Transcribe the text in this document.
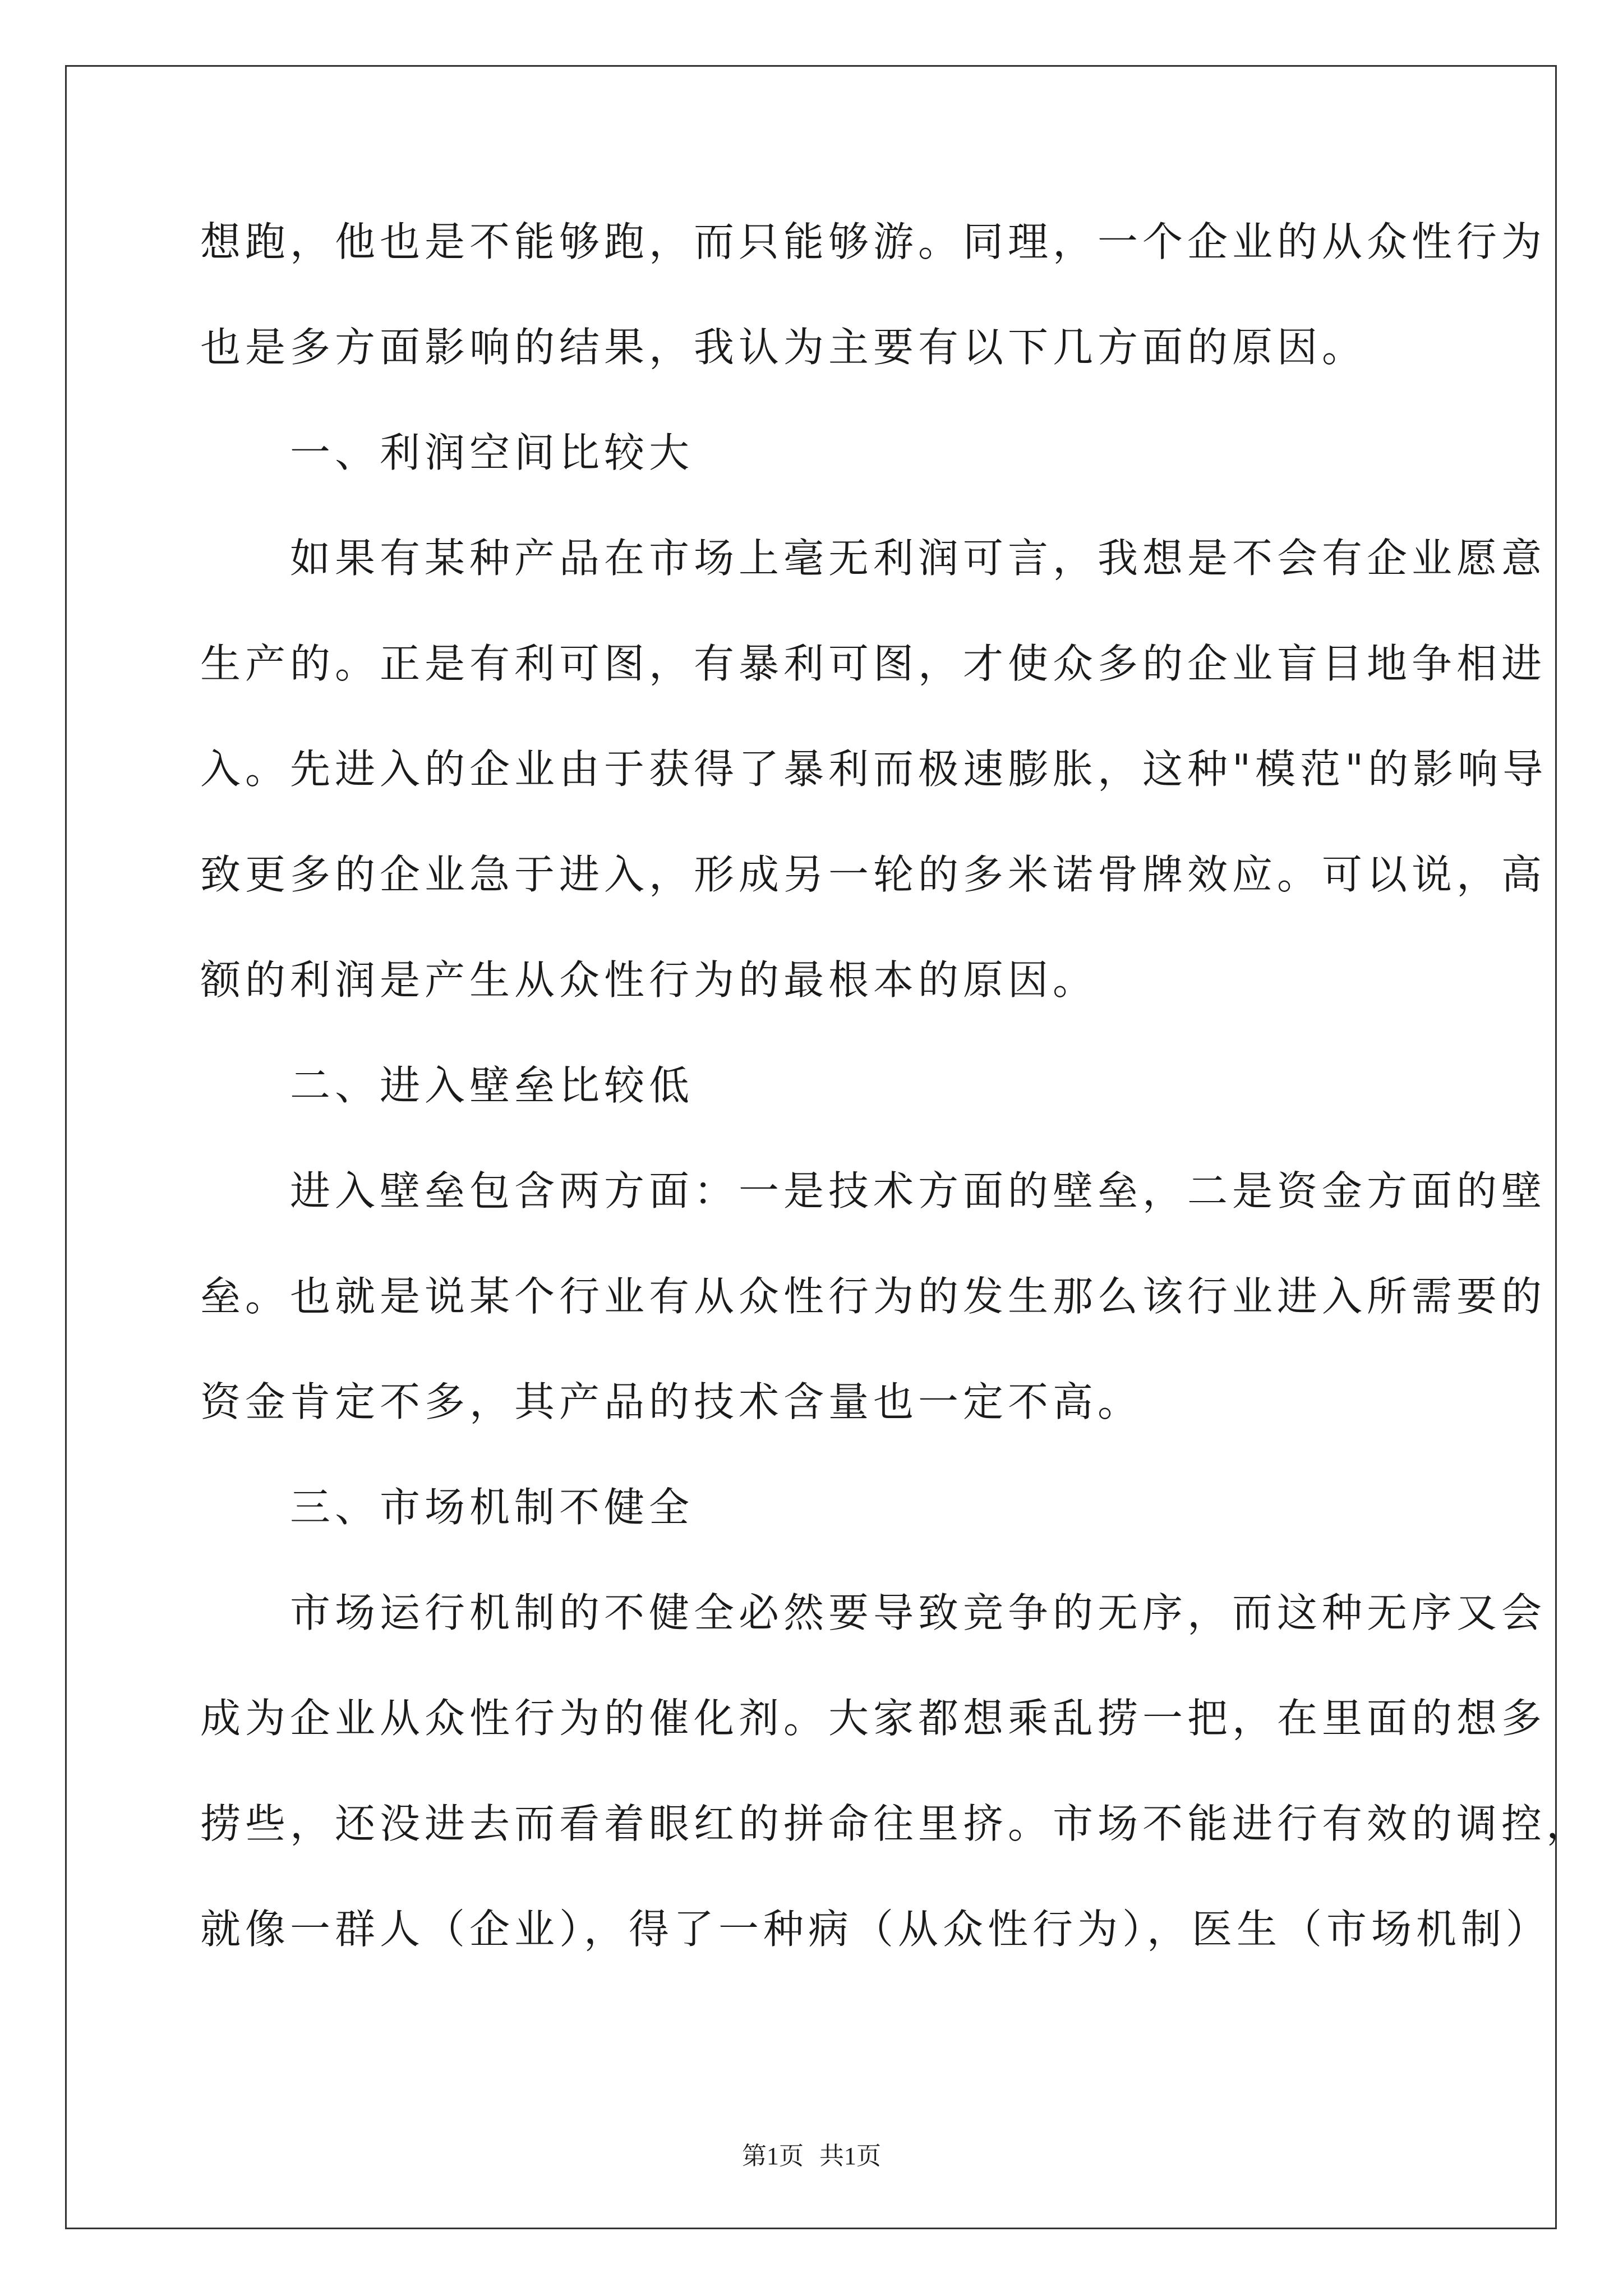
想跑，他也是不能够跑，而只能够游。同理，一个企业的从众性行为

也是多方面影响的结果，我认为主要有以下几方面的原因。

　　一、利润空间比较大

　　如果有某种产品在市场上毫无利润可言，我想是不会有企业愿意

生产的。正是有利可图，有暴利可图，才使众多的企业盲目地争相进

入。先进入的企业由于获得了暴利而极速膨胀，这种"模范"的影响导

致更多的企业急于进入，形成另一轮的多米诺骨牌效应。可以说，高

额的利润是产生从众性行为的最根本的原因。

　　二、进入壁垒比较低

　　进入壁垒包含两方面：一是技术方面的壁垒，二是资金方面的壁

垒。也就是说某个行业有从众性行为的发生那么该行业进入所需要的

资金肯定不多，其产品的技术含量也一定不高。

　　三、市场机制不健全

　　市场运行机制的不健全必然要导致竞争的无序，而这种无序又会

成为企业从众性行为的催化剂。大家都想乘乱捞一把，在里面的想多

捞些，还没进去而看着眼红的拼命往里挤。市场不能进行有效的调控，

就像一群人（企业），得了一种病（从众性行为），医生（市场机制）

第1页 共1页
